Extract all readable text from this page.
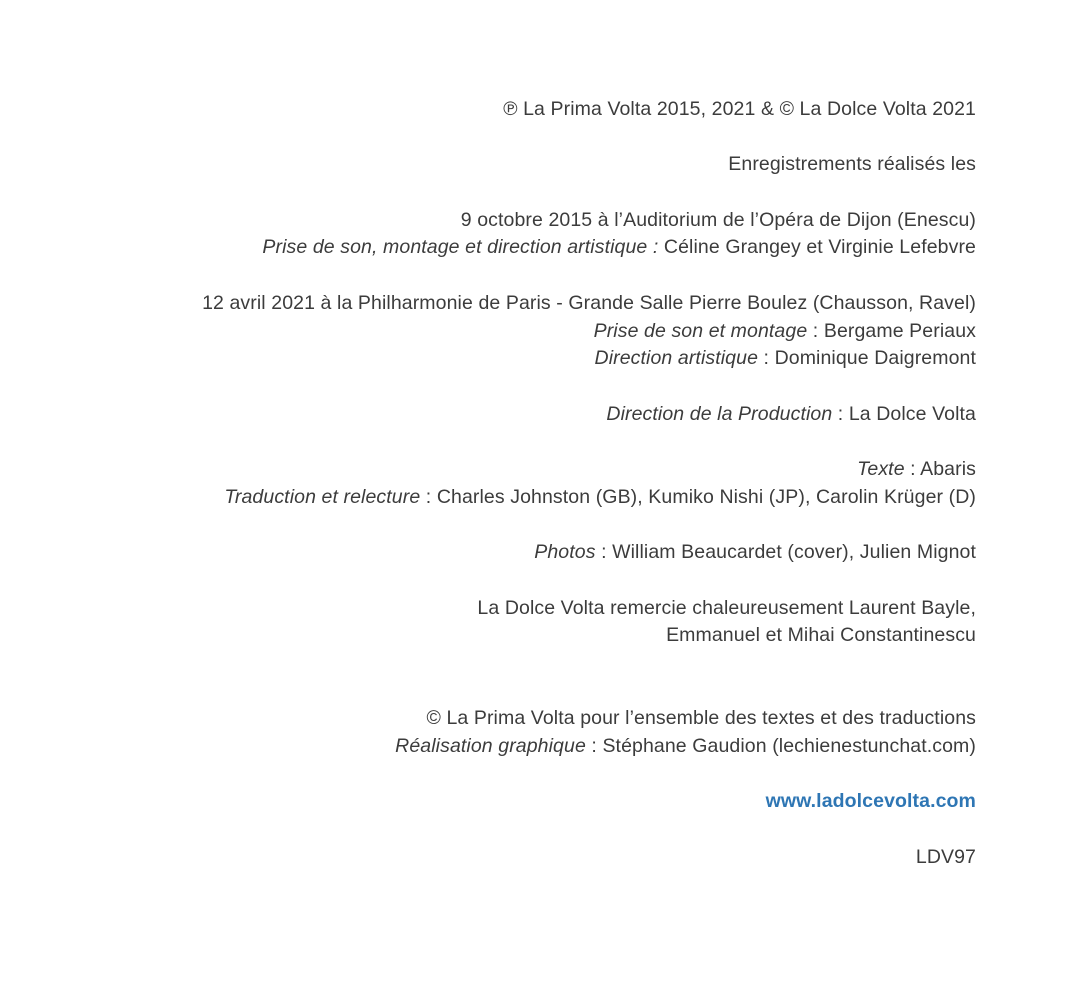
℗ La Prima Volta 2015, 2021 & © La Dolce Volta 2021
Enregistrements réalisés les
9 octobre 2015 à l’Auditorium de l’Opéra de Dijon (Enescu)
Prise de son, montage et direction artistique : Céline Grangey et Virginie Lefebvre
12 avril 2021 à la Philharmonie de Paris - Grande Salle Pierre Boulez (Chausson, Ravel)
Prise de son et montage : Bergame Periaux
Direction artistique : Dominique Daigremont
Direction de la Production : La Dolce Volta
Texte : Abaris
Traduction et relecture : Charles Johnston (GB), Kumiko Nishi (JP), Carolin Krüger (D)
Photos : William Beaucardet (cover), Julien Mignot
La Dolce Volta remercie chaleureusement Laurent Bayle,
Emmanuel et Mihai Constantinescu
© La Prima Volta pour l’ensemble des textes et des traductions
Réalisation graphique : Stéphane Gaudion (lechienestunchat.com)
www.ladolcevolta.com
LDV97
